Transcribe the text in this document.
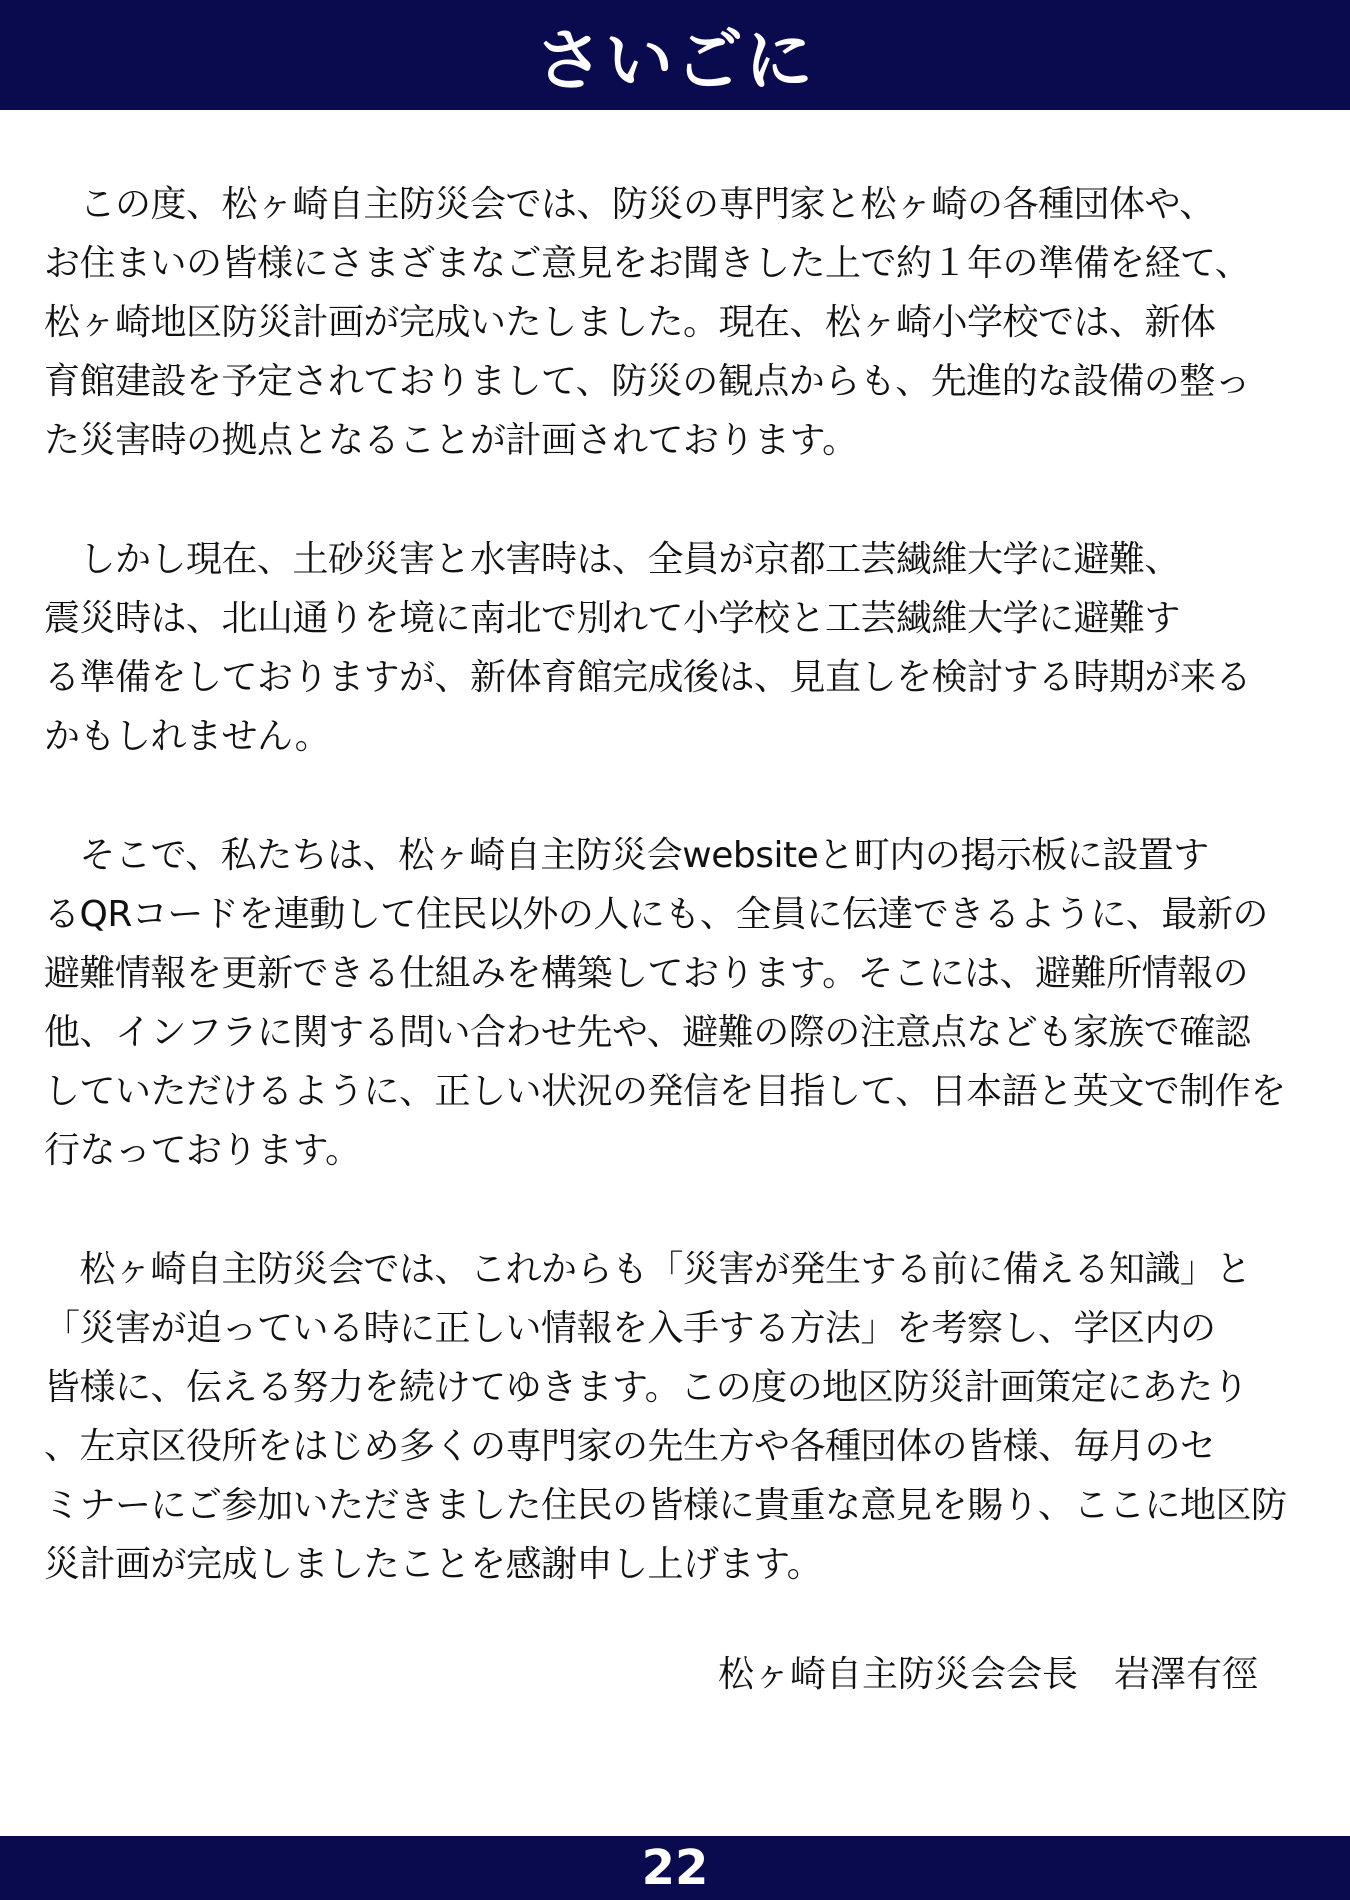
さいごに
　この度、松ヶ崎自主防災会では、防災の専門家と松ヶ崎の各種団体や、
お住まいの皆様にさまざまなご意見をお聞きした上で約１年の準備を経て、
松ヶ崎地区防災計画が完成いたしました。現在、松ヶ崎小学校では、新体
育館建設を予定されておりまして、防災の観点からも、先進的な設備の整っ
た災害時の拠点となることが計画されております。
　しかし現在、土砂災害と水害時は、全員が京都工芸繊維大学に避難、
震災時は、北山通りを境に南北で別れて小学校と工芸繊維大学に避難す
る準備をしておりますが、新体育館完成後は、見直しを検討する時期が来る
かもしれません。
　そこで、私たちは、松ヶ崎自主防災会websiteと町内の掲示板に設置す
るQRコードを連動して住民以外の人にも、全員に伝達できるように、最新の
避難情報を更新できる仕組みを構築しております。そこには、避難所情報の
他、インフラに関する問い合わせ先や、避難の際の注意点なども家族で確認
していただけるように、正しい状況の発信を目指して、日本語と英文で制作を
行なっております。
　松ヶ崎自主防災会では、これからも「災害が発生する前に備える知識」と
「災害が迫っている時に正しい情報を入手する方法」を考察し、学区内の
皆様に、伝える努力を続けてゆきます。この度の地区防災計画策定にあたり
、左京区役所をはじめ多くの専門家の先生方や各種団体の皆様、毎月のセ
ミナーにご参加いただきました住民の皆様に貴重な意見を賜り、ここに地区防
災計画が完成しましたことを感謝申し上げます。
松ヶ崎自主防災会会長　岩澤有徑
22
